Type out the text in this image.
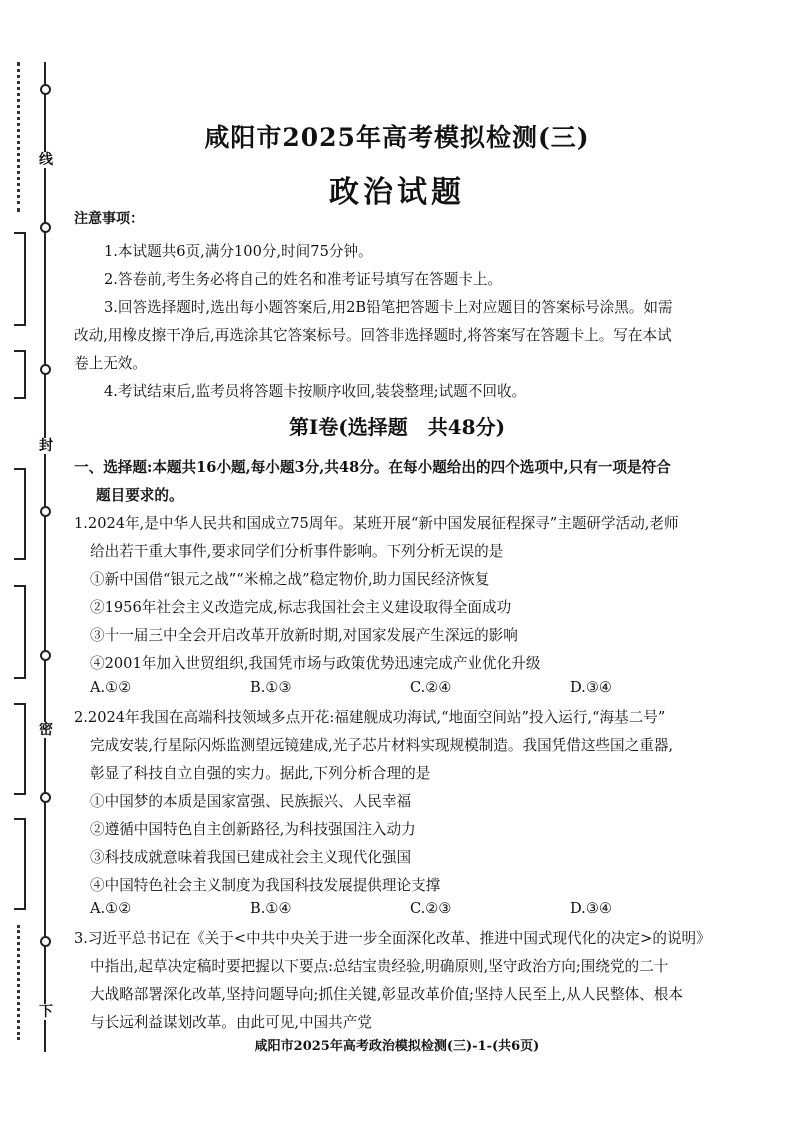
线
封
密
下
咸阳市2025年高考模拟检测(三)
政治试题
注意事项：
1.本试题共6页,满分100分,时间75分钟。
2.答卷前,考生务必将自己的姓名和准考证号填写在答题卡上。
3.回答选择题时,选出每小题答案后,用2B铅笔把答题卡上对应题目的答案标号涂黑。如需
改动,用橡皮擦干净后,再选涂其它答案标号。回答非选择题时,将答案写在答题卡上。写在本试
卷上无效。
4.考试结束后,监考员将答题卡按顺序收回,装袋整理;试题不回收。
第Ⅰ卷(选择题　共48分)
一、选择题:本题共16小题,每小题3分,共48分。在每小题给出的四个选项中,只有一项是符合
题目要求的。
1.2024年,是中华人民共和国成立75周年。某班开展“新中国发展征程探寻”主题研学活动,老师
给出若干重大事件,要求同学们分析事件影响。下列分析无误的是
①新中国借“银元之战”“米棉之战”稳定物价,助力国民经济恢复
②1956年社会主义改造完成,标志我国社会主义建设取得全面成功
③十一届三中全会开启改革开放新时期,对国家发展产生深远的影响
④2001年加入世贸组织,我国凭市场与政策优势迅速完成产业优化升级
A.①②	B.①③	C.②④	D.③④
2.2024年我国在高端科技领域多点开花:福建舰成功海试,“地面空间站”投入运行,“海基二号”
完成安装,行星际闪烁监测望远镜建成,光子芯片材料实现规模制造。我国凭借这些国之重器,
彰显了科技自立自强的实力。据此,下列分析合理的是
①中国梦的本质是国家富强、民族振兴、人民幸福
②遵循中国特色自主创新路径,为科技强国注入动力
③科技成就意味着我国已建成社会主义现代化强国
④中国特色社会主义制度为我国科技发展提供理论支撑
A.①②	B.①④	C.②③	D.③④
3.习近平总书记在《关于<中共中央关于进一步全面深化改革、推进中国式现代化的决定>的说明》
中指出,起草决定稿时要把握以下要点:总结宝贵经验,明确原则,坚守政治方向;围绕党的二十
大战略部署深化改革,坚持问题导向;抓住关键,彰显改革价值;坚持人民至上,从人民整体、根本
与长远利益谋划改革。由此可见,中国共产党
咸阳市2025年高考政治模拟检测(三)-1-(共6页)
